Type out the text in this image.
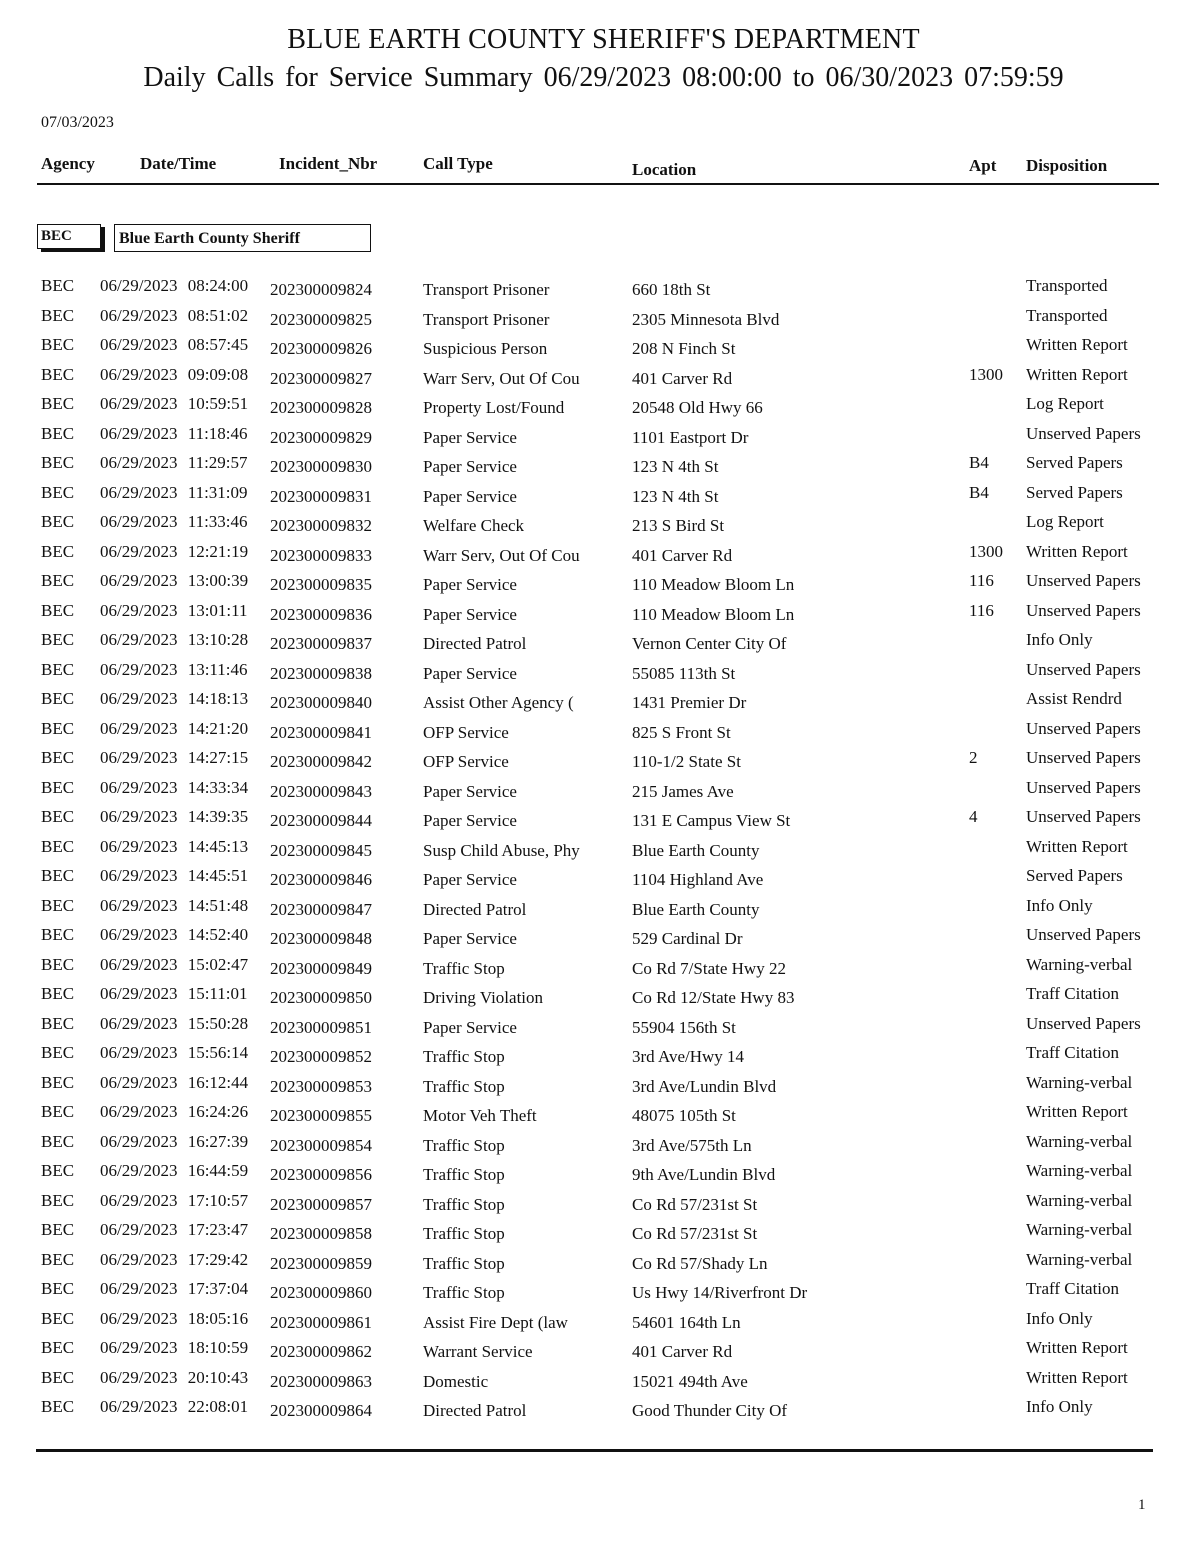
BLUE EARTH COUNTY SHERIFF'S DEPARTMENT
Daily Calls for Service Summary 06/29/2023 08:00:00 to 06/30/2023 07:59:59
07/03/2023
Agency	Date/Time	Incident_Nbr	Call Type	Location	Apt Disposition
BEC	Blue Earth County Sheriff
BEC 06/29/2023 08:24:00 202300009824	Transport Prisoner	660 18th St	Transported
BEC 06/29/2023 08:51:02 202300009825	Transport Prisoner	2305 Minnesota Blvd	Transported
BEC 06/29/2023 08:57:45 202300009826	Suspicious Person	208 N Finch St	Written Report
BEC 06/29/2023 09:09:08 202300009827	Warr Serv, Out Of Cou	401 Carver Rd	1300 Written Report
BEC 06/29/2023 10:59:51 202300009828	Property Lost/Found	20548 Old Hwy 66	Log Report
BEC 06/29/2023 11:18:46 202300009829	Paper Service	1101 Eastport Dr	Unserved Papers
BEC 06/29/2023 11:29:57 202300009830	Paper Service	123 N 4th St	B4 Served Papers
BEC 06/29/2023 11:31:09 202300009831	Paper Service	123 N 4th St	B4 Served Papers
BEC 06/29/2023 11:33:46 202300009832	Welfare Check	213 S Bird St	Log Report
BEC 06/29/2023 12:21:19 202300009833	Warr Serv, Out Of Cou	401 Carver Rd	1300 Written Report
BEC 06/29/2023 13:00:39 202300009835	Paper Service	110 Meadow Bloom Ln	116 Unserved Papers
BEC 06/29/2023 13:01:11 202300009836	Paper Service	110 Meadow Bloom Ln	116 Unserved Papers
BEC 06/29/2023 13:10:28 202300009837	Directed Patrol	Vernon Center City Of	Info Only
BEC 06/29/2023 13:11:46 202300009838	Paper Service	55085 113th St	Unserved Papers
BEC 06/29/2023 14:18:13 202300009840	Assist Other Agency (	1431 Premier Dr	Assist Rendrd
BEC 06/29/2023 14:21:20 202300009841	OFP Service	825 S Front St	Unserved Papers
BEC 06/29/2023 14:27:15 202300009842	OFP Service	110-1/2 State St	2	Unserved Papers
BEC 06/29/2023 14:33:34 202300009843	Paper Service	215 James Ave	Unserved Papers
BEC 06/29/2023 14:39:35 202300009844	Paper Service	131 E Campus View St	4	Unserved Papers
BEC 06/29/2023 14:45:13 202300009845	Susp Child Abuse, Phy	Blue Earth County	Written Report
BEC 06/29/2023 14:45:51 202300009846	Paper Service	1104 Highland Ave	Served Papers
BEC 06/29/2023 14:51:48 202300009847	Directed Patrol	Blue Earth County	Info Only
BEC 06/29/2023 14:52:40 202300009848	Paper Service	529 Cardinal Dr	Unserved Papers
BEC 06/29/2023 15:02:47 202300009849	Traffic Stop	Co Rd 7/State Hwy 22	Warning-verbal
BEC 06/29/2023 15:11:01 202300009850	Driving Violation	Co Rd 12/State Hwy 83	Traff Citation
BEC 06/29/2023 15:50:28 202300009851	Paper Service	55904 156th St	Unserved Papers
BEC 06/29/2023 15:56:14 202300009852	Traffic Stop	3rd Ave/Hwy 14	Traff Citation
BEC 06/29/2023 16:12:44 202300009853	Traffic Stop	3rd Ave/Lundin Blvd	Warning-verbal
BEC 06/29/2023 16:24:26 202300009855	Motor Veh Theft	48075 105th St	Written Report
BEC 06/29/2023 16:27:39 202300009854	Traffic Stop	3rd Ave/575th Ln	Warning-verbal
BEC 06/29/2023 16:44:59 202300009856	Traffic Stop	9th Ave/Lundin Blvd	Warning-verbal
BEC 06/29/2023 17:10:57 202300009857	Traffic Stop	Co Rd 57/231st St	Warning-verbal
BEC 06/29/2023 17:23:47 202300009858	Traffic Stop	Co Rd 57/231st St	Warning-verbal
BEC 06/29/2023 17:29:42 202300009859	Traffic Stop	Co Rd 57/Shady Ln	Warning-verbal
BEC 06/29/2023 17:37:04 202300009860	Traffic Stop	Us Hwy 14/Riverfront Dr	Traff Citation
BEC 06/29/2023 18:05:16 202300009861	Assist Fire Dept (law	54601 164th Ln	Info Only
BEC 06/29/2023 18:10:59 202300009862	Warrant Service	401 Carver Rd	Written Report
BEC 06/29/2023 20:10:43 202300009863	Domestic	15021 494th Ave	Written Report
BEC 06/29/2023 22:08:01 202300009864	Directed Patrol	Good Thunder City Of	Info Only
1
